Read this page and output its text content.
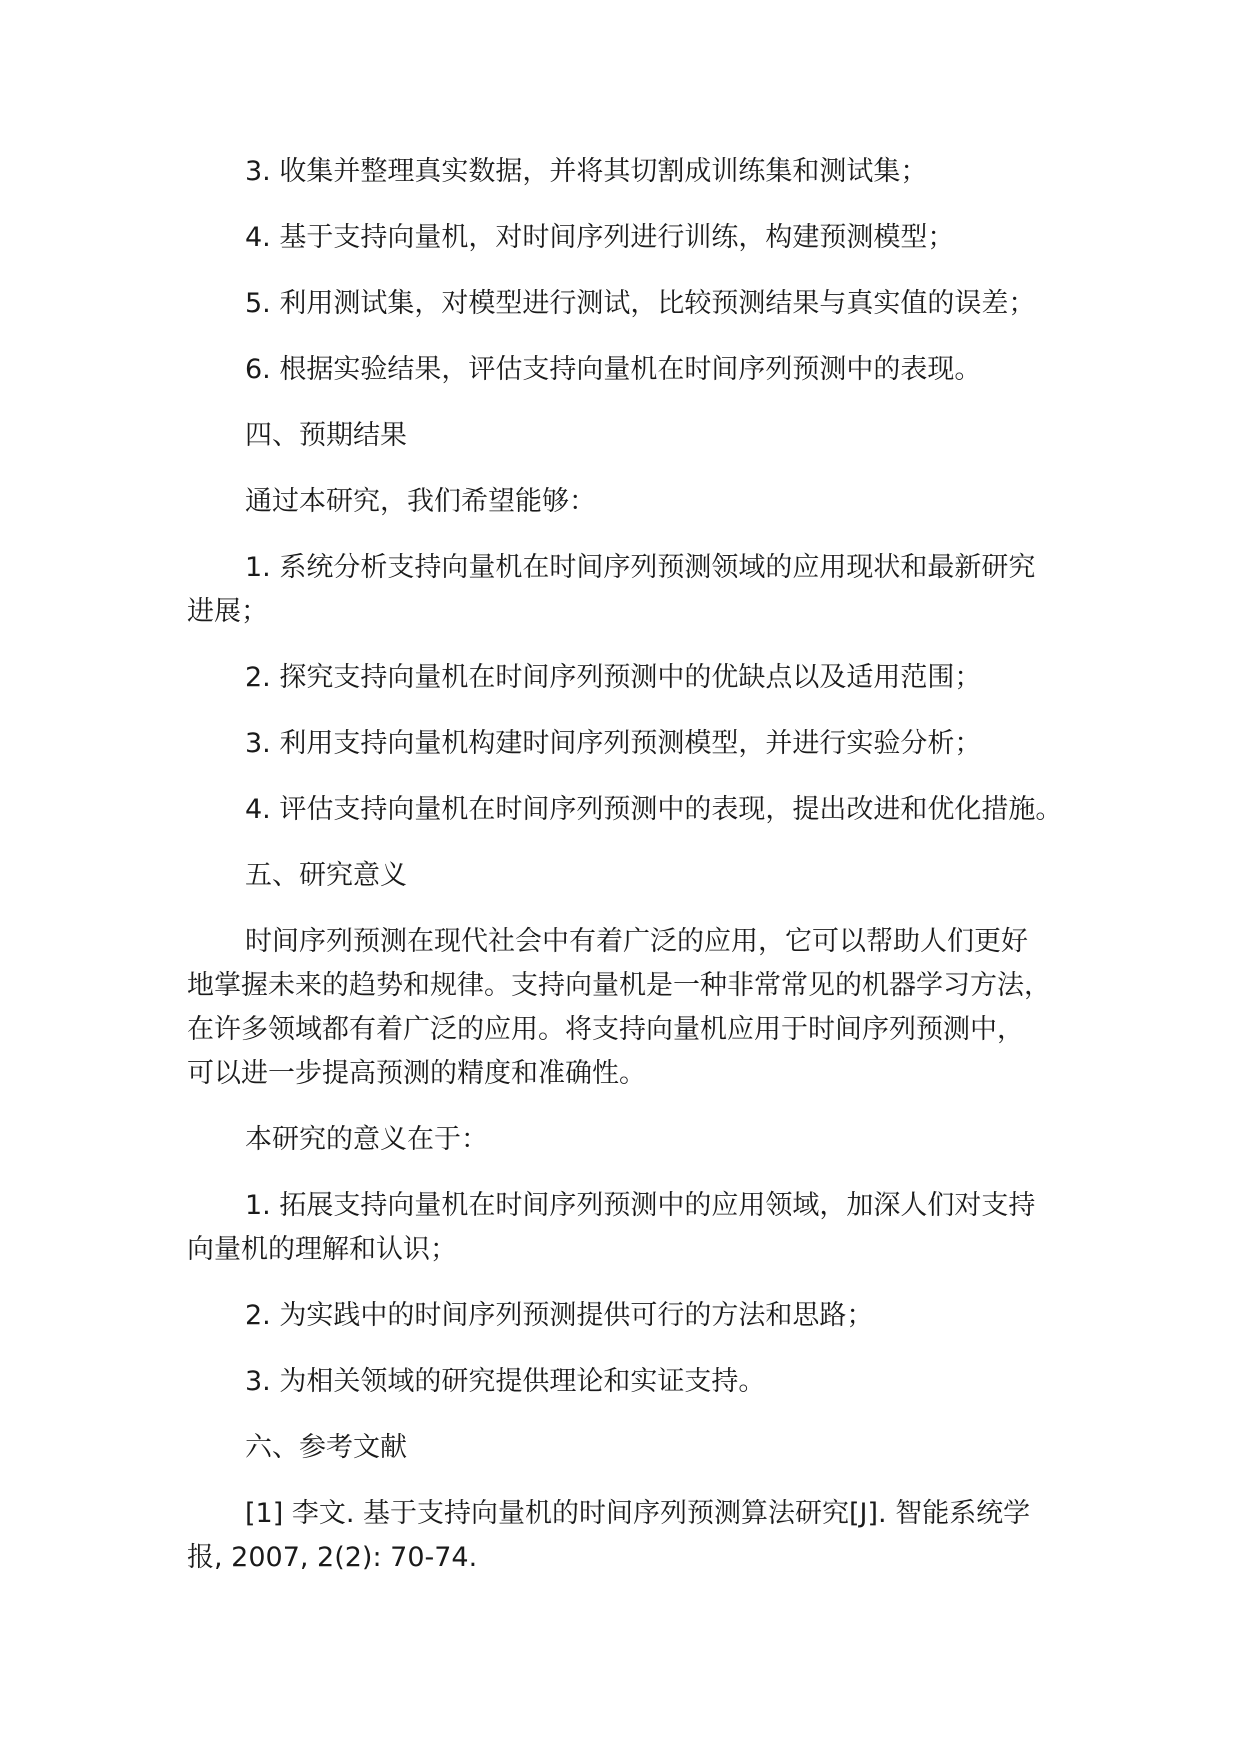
3. 收集并整理真实数据，并将其切割成训练集和测试集；

4. 基于支持向量机，对时间序列进行训练，构建预测模型；

5. 利用测试集，对模型进行测试，比较预测结果与真实值的误差；

6. 根据实验结果，评估支持向量机在时间序列预测中的表现。

四、预期结果

通过本研究，我们希望能够：

1. 系统分析支持向量机在时间序列预测领域的应用现状和最新研究
进展；

2. 探究支持向量机在时间序列预测中的优缺点以及适用范围；

3. 利用支持向量机构建时间序列预测模型，并进行实验分析；

4. 评估支持向量机在时间序列预测中的表现，提出改进和优化措施。

五、研究意义

时间序列预测在现代社会中有着广泛的应用，它可以帮助人们更好
地掌握未来的趋势和规律。支持向量机是一种非常常见的机器学习方法，
在许多领域都有着广泛的应用。将支持向量机应用于时间序列预测中，
可以进一步提高预测的精度和准确性。

本研究的意义在于：

1. 拓展支持向量机在时间序列预测中的应用领域，加深人们对支持
向量机的理解和认识；

2. 为实践中的时间序列预测提供可行的方法和思路；

3. 为相关领域的研究提供理论和实证支持。

六、参考文献

[1] 李文. 基于支持向量机的时间序列预测算法研究[J]. 智能系统学
报, 2007, 2(2): 70-74.
